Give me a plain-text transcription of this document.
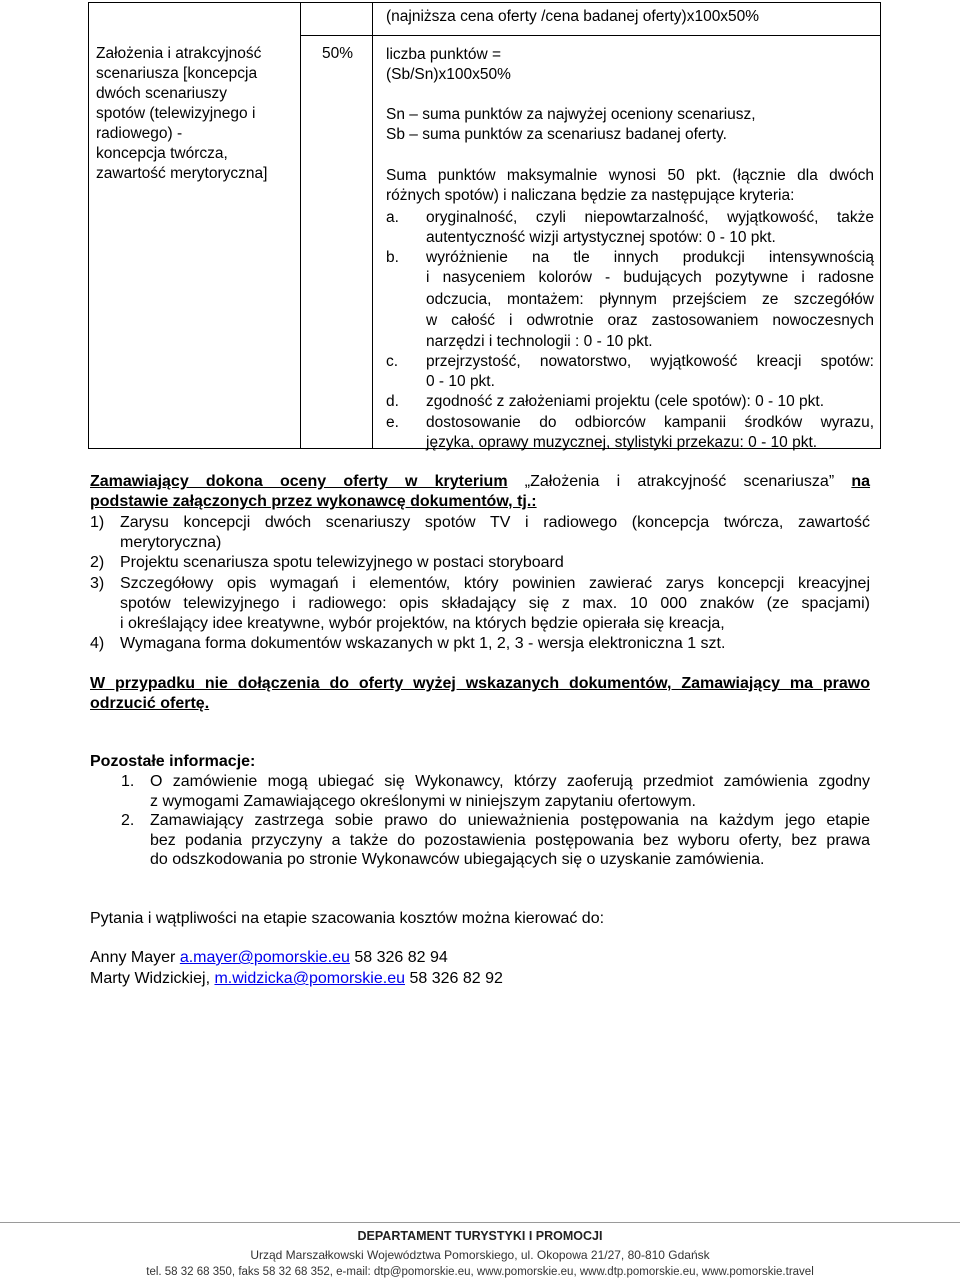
(najniższa cena oferty /cena badanej oferty)x100x50%
Założenia i atrakcyjność
scenariusza [koncepcja
dwóch scenariuszy
spotów (telewizyjnego i
radiowego) -
koncepcja twórcza,
zawartość merytoryczna]
50% liczba punktów =
(Sb/Sn)x100x50%
Sn – suma punktów za najwyżej oceniony scenariusz,
Sb – suma punktów za scenariusz badanej oferty.
Suma punktów maksymalnie wynosi 50 pkt. (łącznie dla dwóch
różnych spotów) i naliczana będzie za następujące kryteria:
a. oryginalność, czyli niepowtarzalność, wyjątkowość, także
autentyczność wizji artystycznej spotów: 0 - 10 pkt.
b. wyróżnienie na tle innych produkcji intensywnością
i nasyceniem kolorów - budujących pozytywne i radosne
odczucia, montażem: płynnym przejściem ze szczegółów
w całość i odwrotnie oraz zastosowaniem nowoczesnych
narzędzi i technologii : 0 - 10 pkt.
c. przejrzystość, nowatorstwo, wyjątkowość kreacji spotów:
0 - 10 pkt.
d. zgodność z założeniami projektu (cele spotów): 0 - 10 pkt.
e. dostosowanie do odbiorców kampanii środków wyrazu,
języka, oprawy muzycznej, stylistyki przekazu: 0 - 10 pkt.
Zamawiający dokona oceny oferty w kryterium „Założenia i atrakcyjność scenariusza” na
podstawie załączonych przez wykonawcę dokumentów, tj.:
1) Zarysu koncepcji dwóch scenariuszy spotów TV i radiowego (koncepcja twórcza, zawartość
merytoryczna)
2) Projektu scenariusza spotu telewizyjnego w postaci storyboard
3) Szczegółowy opis wymagań i elementów, który powinien zawierać zarys koncepcji kreacyjnej
spotów telewizyjnego i radiowego: opis składający się z max. 10 000 znaków (ze spacjami)
i określający idee kreatywne, wybór projektów, na których będzie opierała się kreacja,
4) Wymagana forma dokumentów wskazanych w pkt 1, 2, 3 - wersja elektroniczna 1 szt.
W przypadku nie dołączenia do oferty wyżej wskazanych dokumentów, Zamawiający ma prawo
odrzucić ofertę.
Pozostałe informacje:
1. O zamówienie mogą ubiegać się Wykonawcy, którzy zaoferują przedmiot zamówienia zgodny
z wymogami Zamawiającego określonymi w niniejszym zapytaniu ofertowym.
2. Zamawiający zastrzega sobie prawo do unieważnienia postępowania na każdym jego etapie
bez podania przyczyny a także do pozostawienia postępowania bez wyboru oferty, bez prawa
do odszkodowania po stronie Wykonawców ubiegających się o uzyskanie zamówienia.
Pytania i wątpliwości na etapie szacowania kosztów można kierować do:
Anny Mayer a.mayer@pomorskie.eu 58 326 82 94
Marty Widzickiej, m.widzicka@pomorskie.eu 58 326 82 92
DEPARTAMENT TURYSTYKI I PROMOCJI
Urząd Marszałkowski Województwa Pomorskiego, ul. Okopowa 21/27, 80-810 Gdańsk
tel. 58 32 68 350, faks 58 32 68 352, e-mail: dtp@pomorskie.eu, www.pomorskie.eu, www.dtp.pomorskie.eu, www.pomorskie.travel
